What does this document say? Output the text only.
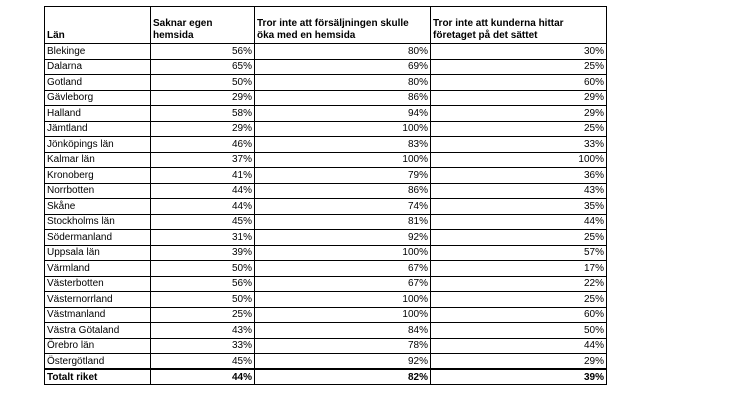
Län	Saknar egen hemsida	Tror inte att försäljningen skulle öka med en hemsida	Tror inte att kunderna hittar företaget på det sättet
Blekinge	56%	80%	30%
Dalarna	65%	69%	25%
Gotland	50%	80%	60%
Gävleborg	29%	86%	29%
Halland	58%	94%	29%
Jämtland	29%	100%	25%
Jönköpings län	46%	83%	33%
Kalmar län	37%	100%	100%
Kronoberg	41%	79%	36%
Norrbotten	44%	86%	43%
Skåne	44%	74%	35%
Stockholms län	45%	81%	44%
Södermanland	31%	92%	25%
Uppsala län	39%	100%	57%
Värmland	50%	67%	17%
Västerbotten	56%	67%	22%
Västernorrland	50%	100%	25%
Västmanland	25%	100%	60%
Västra Götaland	43%	84%	50%
Örebro län	33%	78%	44%
Östergötland	45%	92%	29%
Totalt riket	44%	82%	39%
